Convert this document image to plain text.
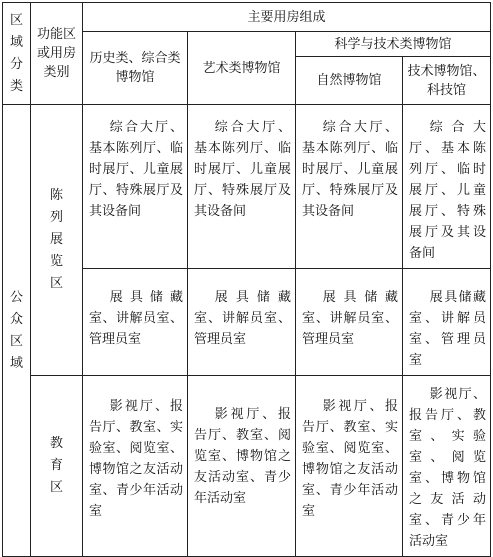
区域分类	功能区或用房类别	主要用房组成			
		历史类、综合类博物馆	艺术类博物馆	科学与技术类博物馆	
				自然博物馆	技术博物馆、科技馆

公众区域	陈列展览区	综合大厅、基本陈列厅、临时展厅、儿童展厅、特殊展厅及其设备间	综合大厅、基本陈列厅、临时展厅、儿童展厅、特殊展厅及其设备间	综合大厅、基本陈列厅、临时展厅、儿童展厅、特殊展厅及其设备间	综合大厅、基本陈列厅、临时展厅、儿童展厅、特殊展厅及其设备间
		展具储藏室、讲解员室、管理员室	展具储藏室、讲解员室、管理员室	展具储藏室、讲解员室、管理员室	展具储藏室、讲解员室、管理员室

	教育区	影视厅、报告厅、教室、实验室、阅览室、博物馆之友活动室、青少年活动室	影视厅、报告厅、教室、阅览室、博物馆之友活动室、青少年活动室	影视厅、报告厅、教室、实验室、阅览室、博物馆之友活动室、青少年活动室	影视厅、报告厅、教室、实验室、阅览室、博物馆之友活动室、青少年活动室
